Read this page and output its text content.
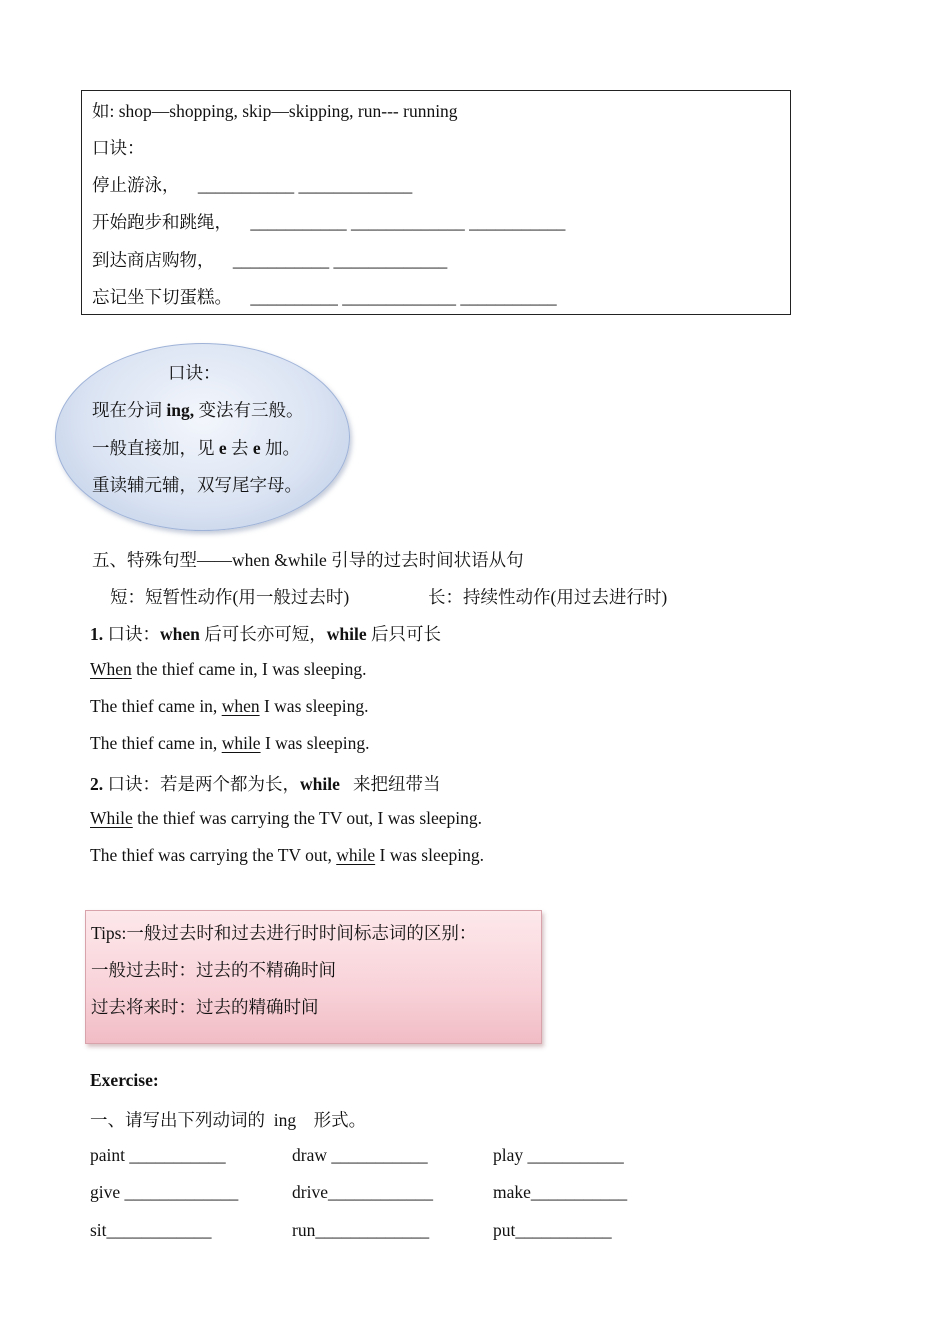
如: shop—shopping, skip—skipping, run--- running
口诀：
停止游泳， ___________ _____________
开始跑步和跳绳， ___________ _____________ ___________
到达商店购物， ___________ _____________
忘记坐下切蛋糕。 __________ _____________ ___________
口诀：
现在分词 ing, 变法有三般。
一般直接加，见 e 去 e 加。
重读辅元辅，双写尾字母。
五、特殊句型——when &while 引导的过去时间状语从句
短：短暂性动作(用一般过去时)	长：持续性动作(用过去进行时)
1. 口诀：when 后可长亦可短，while 后只可长
When the thief came in, I was sleeping.
The thief came in, when I was sleeping.
The thief came in, while I was sleeping.
2. 口诀：若是两个都为长，while   来把纽带当
While the thief was carrying the TV out, I was sleeping.
The thief was carrying the TV out, while I was sleeping.
Tips:一般过去时和过去进行时时间标志词的区别：
一般过去时：过去的不精确时间
过去将来时：过去的精确时间
Exercise:
一、请写出下列动词的  ing    形式。
paint ___________	draw ___________	play ___________
give _____________	drive____________	make___________
sit____________	run_____________	put___________
